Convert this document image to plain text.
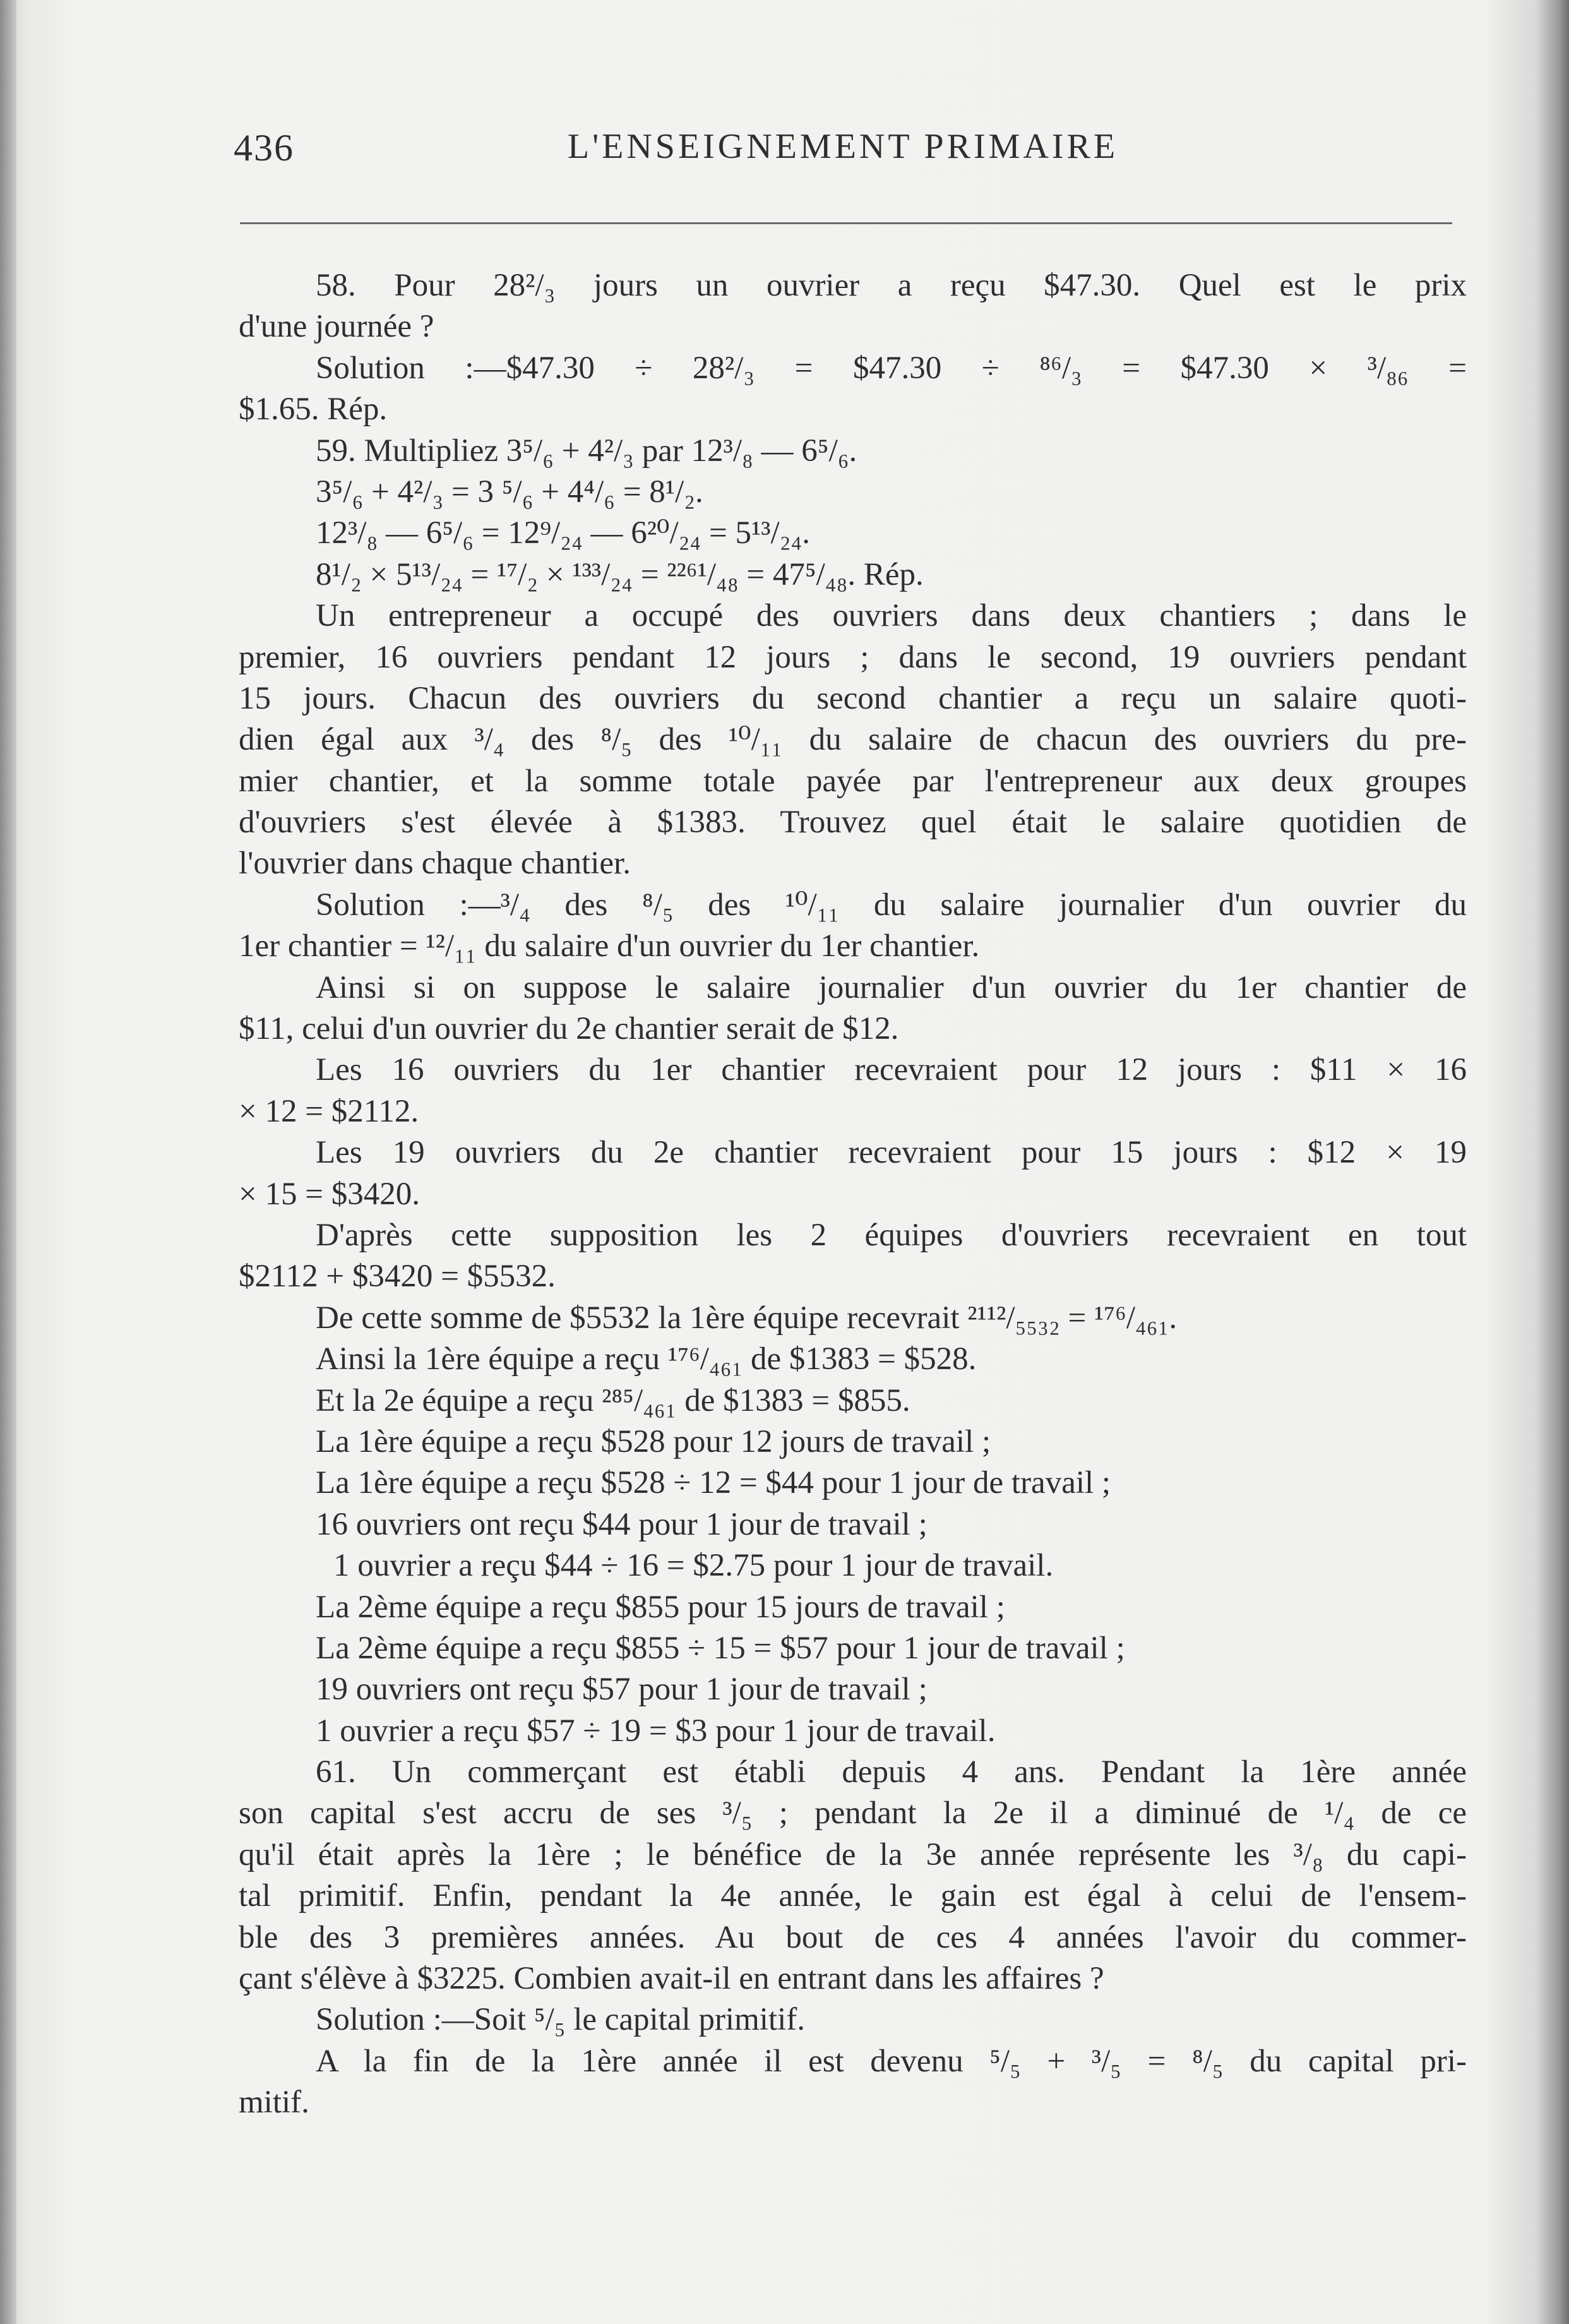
436	L'ENSEIGNEMENT PRIMAIRE
58. Pour 28²/₃ jours un ouvrier a reçu $47.30. Quel est le prix
d'une journée ?
Solution :—$47.30 ÷ 28²/₃ = $47.30 ÷ ⁸⁶/₃ = $47.30 × ³/₈₆ =
$1.65. Rép.
59. Multipliez 3⁵/₆ + 4²/₃ par 12³/₈ — 6⁵/₆.
3⁵/₆ + 4²/₃ = 3 ⁵/₆ + 4⁴/₆ = 8¹/₂.
12³/₈ — 6⁵/₆ = 12⁹/₂₄ — 6²⁰/₂₄ = 5¹³/₂₄.
8¹/₂ × 5¹³/₂₄ = ¹⁷/₂ × ¹³³/₂₄ = ²²⁶¹/₄₈ = 47⁵/₄₈. Rép.
Un entrepreneur a occupé des ouvriers dans deux chantiers ; dans le
premier, 16 ouvriers pendant 12 jours ; dans le second, 19 ouvriers pendant
15 jours. Chacun des ouvriers du second chantier a reçu un salaire quoti-
dien égal aux ³/₄ des ⁸/₅ des ¹⁰/₁₁ du salaire de chacun des ouvriers du pre-
mier chantier, et la somme totale payée par l'entrepreneur aux deux groupes
d'ouvriers s'est élevée à $1383. Trouvez quel était le salaire quotidien de
l'ouvrier dans chaque chantier.
Solution :—³/₄ des ⁸/₅ des ¹⁰/₁₁ du salaire journalier d'un ouvrier du
1er chantier = ¹²/₁₁ du salaire d'un ouvrier du 1er chantier.
Ainsi si on suppose le salaire journalier d'un ouvrier du 1er chantier de
$11, celui d'un ouvrier du 2e chantier serait de $12.
Les 16 ouvriers du 1er chantier recevraient pour 12 jours : $11 × 16
× 12 = $2112.
Les 19 ouvriers du 2e chantier recevraient pour 15 jours : $12 × 19
× 15 = $3420.
D'après cette supposition les 2 équipes d'ouvriers recevraient en tout
$2112 + $3420 = $5532.
De cette somme de $5532 la 1ère équipe recevrait ²¹¹²/₅₅₃₂ = ¹⁷⁶/₄₆₁.
Ainsi la 1ère équipe a reçu ¹⁷⁶/₄₆₁ de $1383 = $528.
Et la 2e équipe a reçu ²⁸⁵/₄₆₁ de $1383 = $855.
La 1ère équipe a reçu $528 pour 12 jours de travail ;
La 1ère équipe a reçu $528 ÷ 12 = $44 pour 1 jour de travail ;
16 ouvriers ont reçu $44 pour 1 jour de travail ;
1 ouvrier a reçu $44 ÷ 16 = $2.75 pour 1 jour de travail.
La 2ème équipe a reçu $855 pour 15 jours de travail ;
La 2ème équipe a reçu $855 ÷ 15 = $57 pour 1 jour de travail ;
19 ouvriers ont reçu $57 pour 1 jour de travail ;
1 ouvrier a reçu $57 ÷ 19 = $3 pour 1 jour de travail.
61. Un commerçant est établi depuis 4 ans. Pendant la 1ère année
son capital s'est accru de ses ³/₅ ; pendant la 2e il a diminué de ¹/₄ de ce
qu'il était après la 1ère ; le bénéfice de la 3e année représente les ³/₈ du capi-
tal primitif. Enfin, pendant la 4e année, le gain est égal à celui de l'ensem-
ble des 3 premières années. Au bout de ces 4 années l'avoir du commer-
çant s'élève à $3225. Combien avait-il en entrant dans les affaires ?
Solution :—Soit ⁵/₅ le capital primitif.
A la fin de la 1ère année il est devenu ⁵/₅ + ³/₅ = ⁸/₅ du capital pri-
mitif.
